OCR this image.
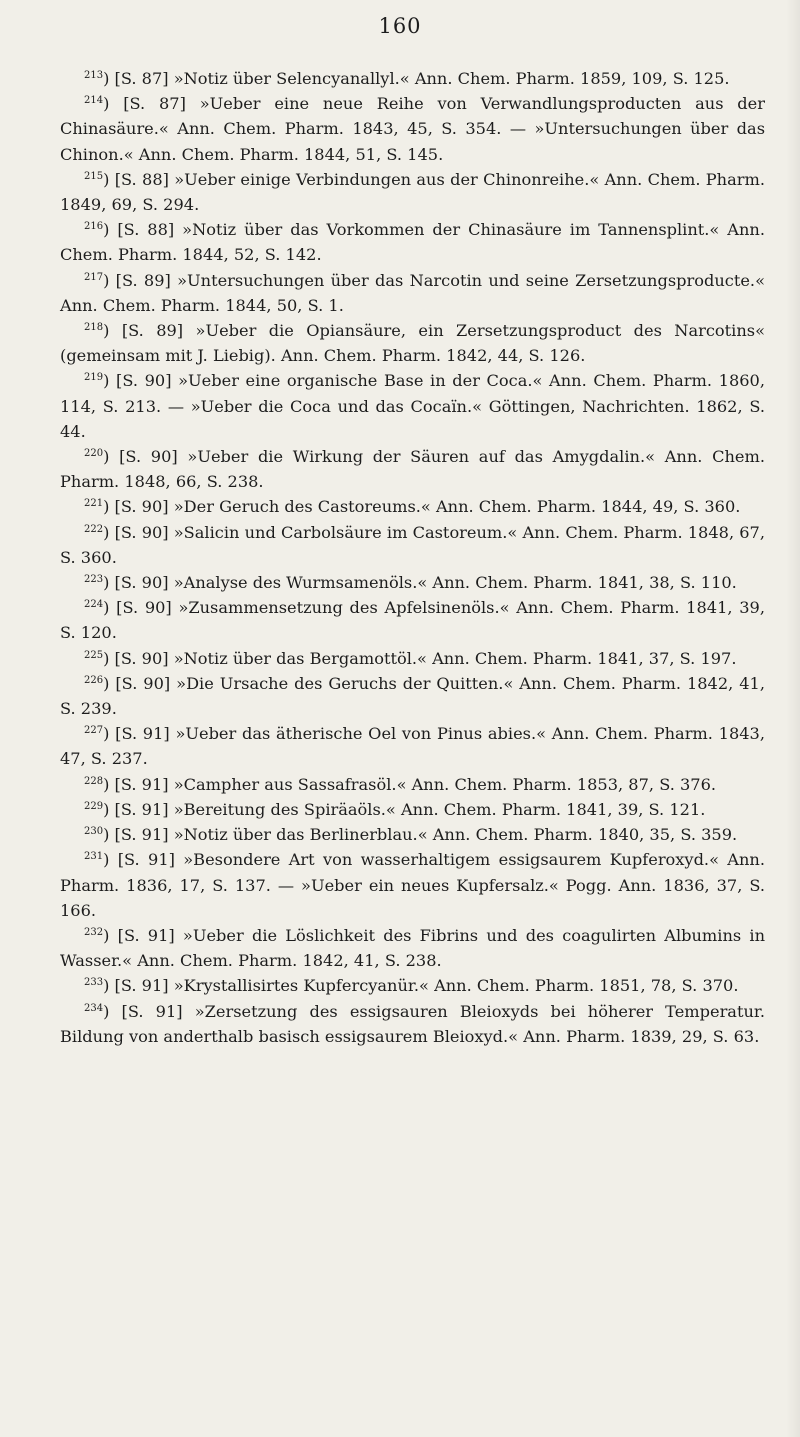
160

$^{213}$) [S. 87] »Notiz über Selencyanallyl.« Ann. Chem. Pharm. 1859, 109, S. 125.

$^{214}$) [S. 87] »Ueber eine neue Reihe von Verwandlungsproducten aus der Chinasäure.« Ann. Chem. Pharm. 1843, 45, S. 354. — »Untersuchungen über das Chinon.« Ann. Chem. Pharm. 1844, 51, S. 145.

$^{215}$) [S. 88] »Ueber einige Verbindungen aus der Chinonreihe.« Ann. Chem. Pharm. 1849, 69, S. 294.

$^{216}$) [S. 88] »Notiz über das Vorkommen der Chinasäure im Tannensplint.« Ann. Chem. Pharm. 1844, 52, S. 142.

$^{217}$) [S. 89] »Untersuchungen über das Narcotin und seine Zersetzungsproducte.« Ann. Chem. Pharm. 1844, 50, S. 1.

$^{218}$) [S. 89] »Ueber die Opiansäure, ein Zersetzungsproduct des Narcotins« (gemeinsam mit J. Liebig). Ann. Chem. Pharm. 1842, 44, S. 126.

$^{219}$) [S. 90] »Ueber eine organische Base in der Coca.« Ann. Chem. Pharm. 1860, 114, S. 213. — »Ueber die Coca und das Cocaïn.« Göttingen, Nachrichten. 1862, S. 44.

$^{220}$) [S. 90] »Ueber die Wirkung der Säuren auf das Amygdalin.« Ann. Chem. Pharm. 1848, 66, S. 238.

$^{221}$) [S. 90] »Der Geruch des Castoreums.« Ann. Chem. Pharm. 1844, 49, S. 360.

$^{222}$) [S. 90] »Salicin und Carbolsäure im Castoreum.« Ann. Chem. Pharm. 1848, 67, S. 360.

$^{223}$) [S. 90] »Analyse des Wurmsamenöls.« Ann. Chem. Pharm. 1841, 38, S. 110.

$^{224}$) [S. 90] »Zusammensetzung des Apfelsinenöls.« Ann. Chem. Pharm. 1841, 39, S. 120.

$^{225}$) [S. 90] »Notiz über das Bergamottöl.« Ann. Chem. Pharm. 1841, 37, S. 197.

$^{226}$) [S. 90] »Die Ursache des Geruchs der Quitten.« Ann. Chem. Pharm. 1842, 41, S. 239.

$^{227}$) [S. 91] »Ueber das ätherische Oel von Pinus abies.« Ann. Chem. Pharm. 1843, 47, S. 237.

$^{228}$) [S. 91] »Campher aus Sassafrasöl.« Ann. Chem. Pharm. 1853, 87, S. 376.

$^{229}$) [S. 91] »Bereitung des Spiräaöls.« Ann. Chem. Pharm. 1841, 39, S. 121.

$^{230}$) [S. 91] »Notiz über das Berlinerblau.« Ann. Chem. Pharm. 1840, 35, S. 359.

$^{231}$) [S. 91] »Besondere Art von wasserhaltigem essigsaurem Kupferoxyd.« Ann. Pharm. 1836, 17, S. 137. — »Ueber ein neues Kupfersalz.« Pogg. Ann. 1836, 37, S. 166.

$^{232}$) [S. 91] »Ueber die Löslichkeit des Fibrins und des coagulirten Albumins in Wasser.« Ann. Chem. Pharm. 1842, 41, S. 238.

$^{233}$) [S. 91] »Krystallisirtes Kupfercyanür.« Ann. Chem. Pharm. 1851, 78, S. 370.

$^{234}$) [S. 91] »Zersetzung des essigsauren Bleioxyds bei höherer Temperatur. Bildung von anderthalb basisch essigsaurem Bleioxyd.« Ann. Pharm. 1839, 29, S. 63.
